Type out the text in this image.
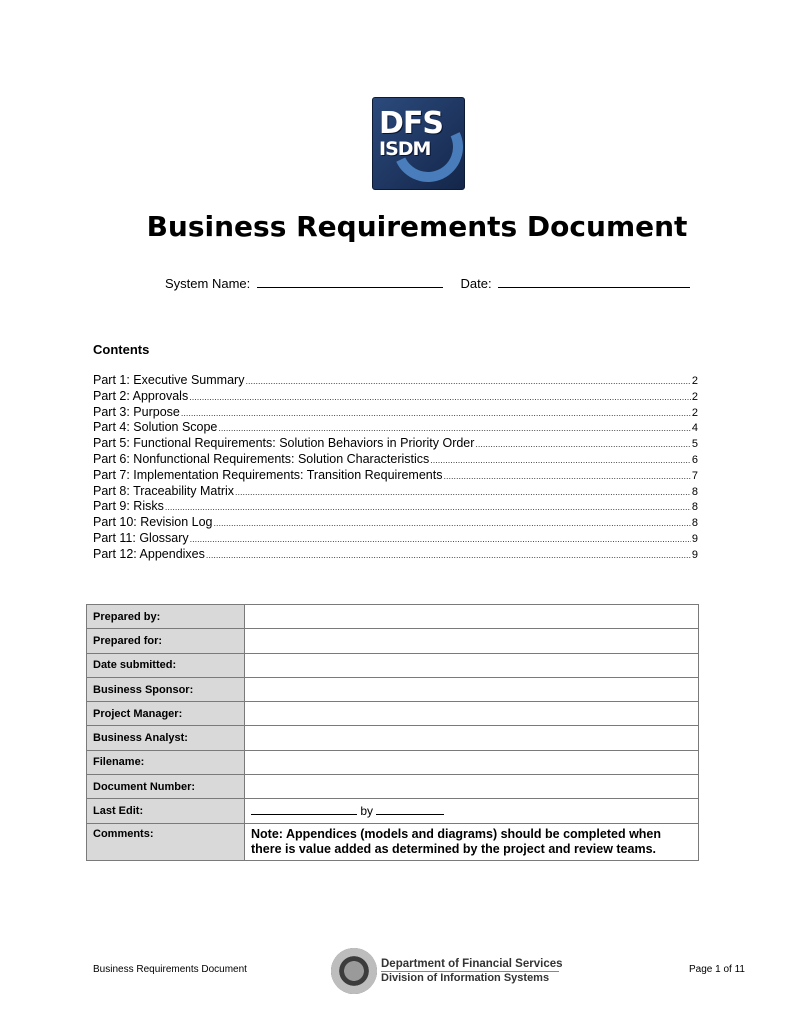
DFS
ISDM
Business Requirements Document
System Name:	Date:
Contents
Part 1: Executive Summary .....	2
Part 2: Approvals .....	2
Part 3: Purpose .....	2
Part 4: Solution Scope .....	4
Part 5: Functional Requirements: Solution Behaviors in Priority Order .....	5
Part 6: Nonfunctional Requirements: Solution Characteristics .....	6
Part 7: Implementation Requirements: Transition Requirements .....	7
Part 8: Traceability Matrix .....	8
Part 9: Risks .....	8
Part 10: Revision Log .....	8
Part 11: Glossary .....	9
Part 12: Appendixes .....	9
Prepared by:	
Prepared for:	
Date submitted:	
Business Sponsor:	
Project Manager:	
Business Analyst:	
Filename:	
Document Number:	
Last Edit:	by
Comments:	Note: Appendices (models and diagrams) should be completed when there is value added as determined by the project and review teams.
Business Requirements Document	Department of Financial Services
Division of Information Systems
Page 1 of 11
